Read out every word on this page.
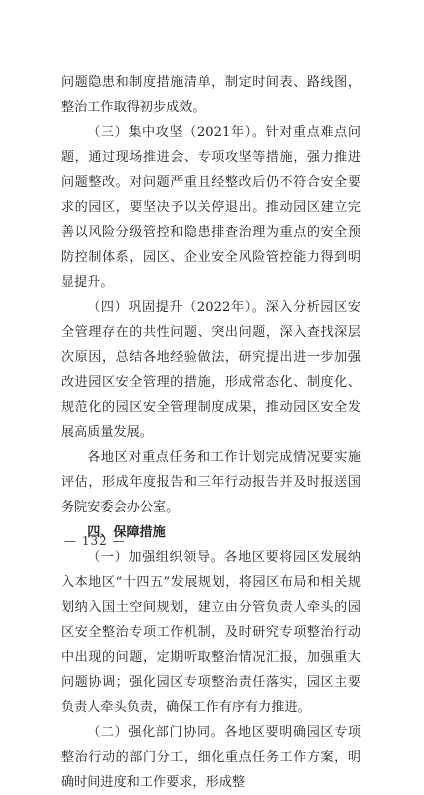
问题隐患和制度措施清单，制定时间表、路线图，整治工作取得初步成效。

（三）集中攻坚（2021年）。针对重点难点问题，通过现场推进会、专项攻坚等措施，强力推进问题整改。对问题严重且经整改后仍不符合安全要求的园区，要坚决予以关停退出。推动园区建立完善以风险分级管控和隐患排查治理为重点的安全预防控制体系，园区、企业安全风险管控能力得到明显提升。

（四）巩固提升（2022年）。深入分析园区安全管理存在的共性问题、突出问题，深入查找深层次原因，总结各地经验做法，研究提出进一步加强改进园区安全管理的措施，形成常态化、制度化、规范化的园区安全管理制度成果，推动园区安全发展高质量发展。

各地区对重点任务和工作计划完成情况要实施评估，形成年度报告和三年行动报告并及时报送国务院安委会办公室。

四、保障措施

（一）加强组织领导。各地区要将园区发展纳入本地区“十四五”发展规划，将园区布局和相关规划纳入国土空间规划，建立由分管负责人牵头的园区安全整治专项工作机制，及时研究专项整治行动中出现的问题，定期听取整治情况汇报，加强重大问题协调；强化园区专项整治责任落实，园区主要负责人牵头负责，确保工作有序有力推进。

（二）强化部门协同。各地区要明确园区专项整治行动的部门分工，细化重点任务工作方案，明确时间进度和工作要求，形成整

— 132 —
